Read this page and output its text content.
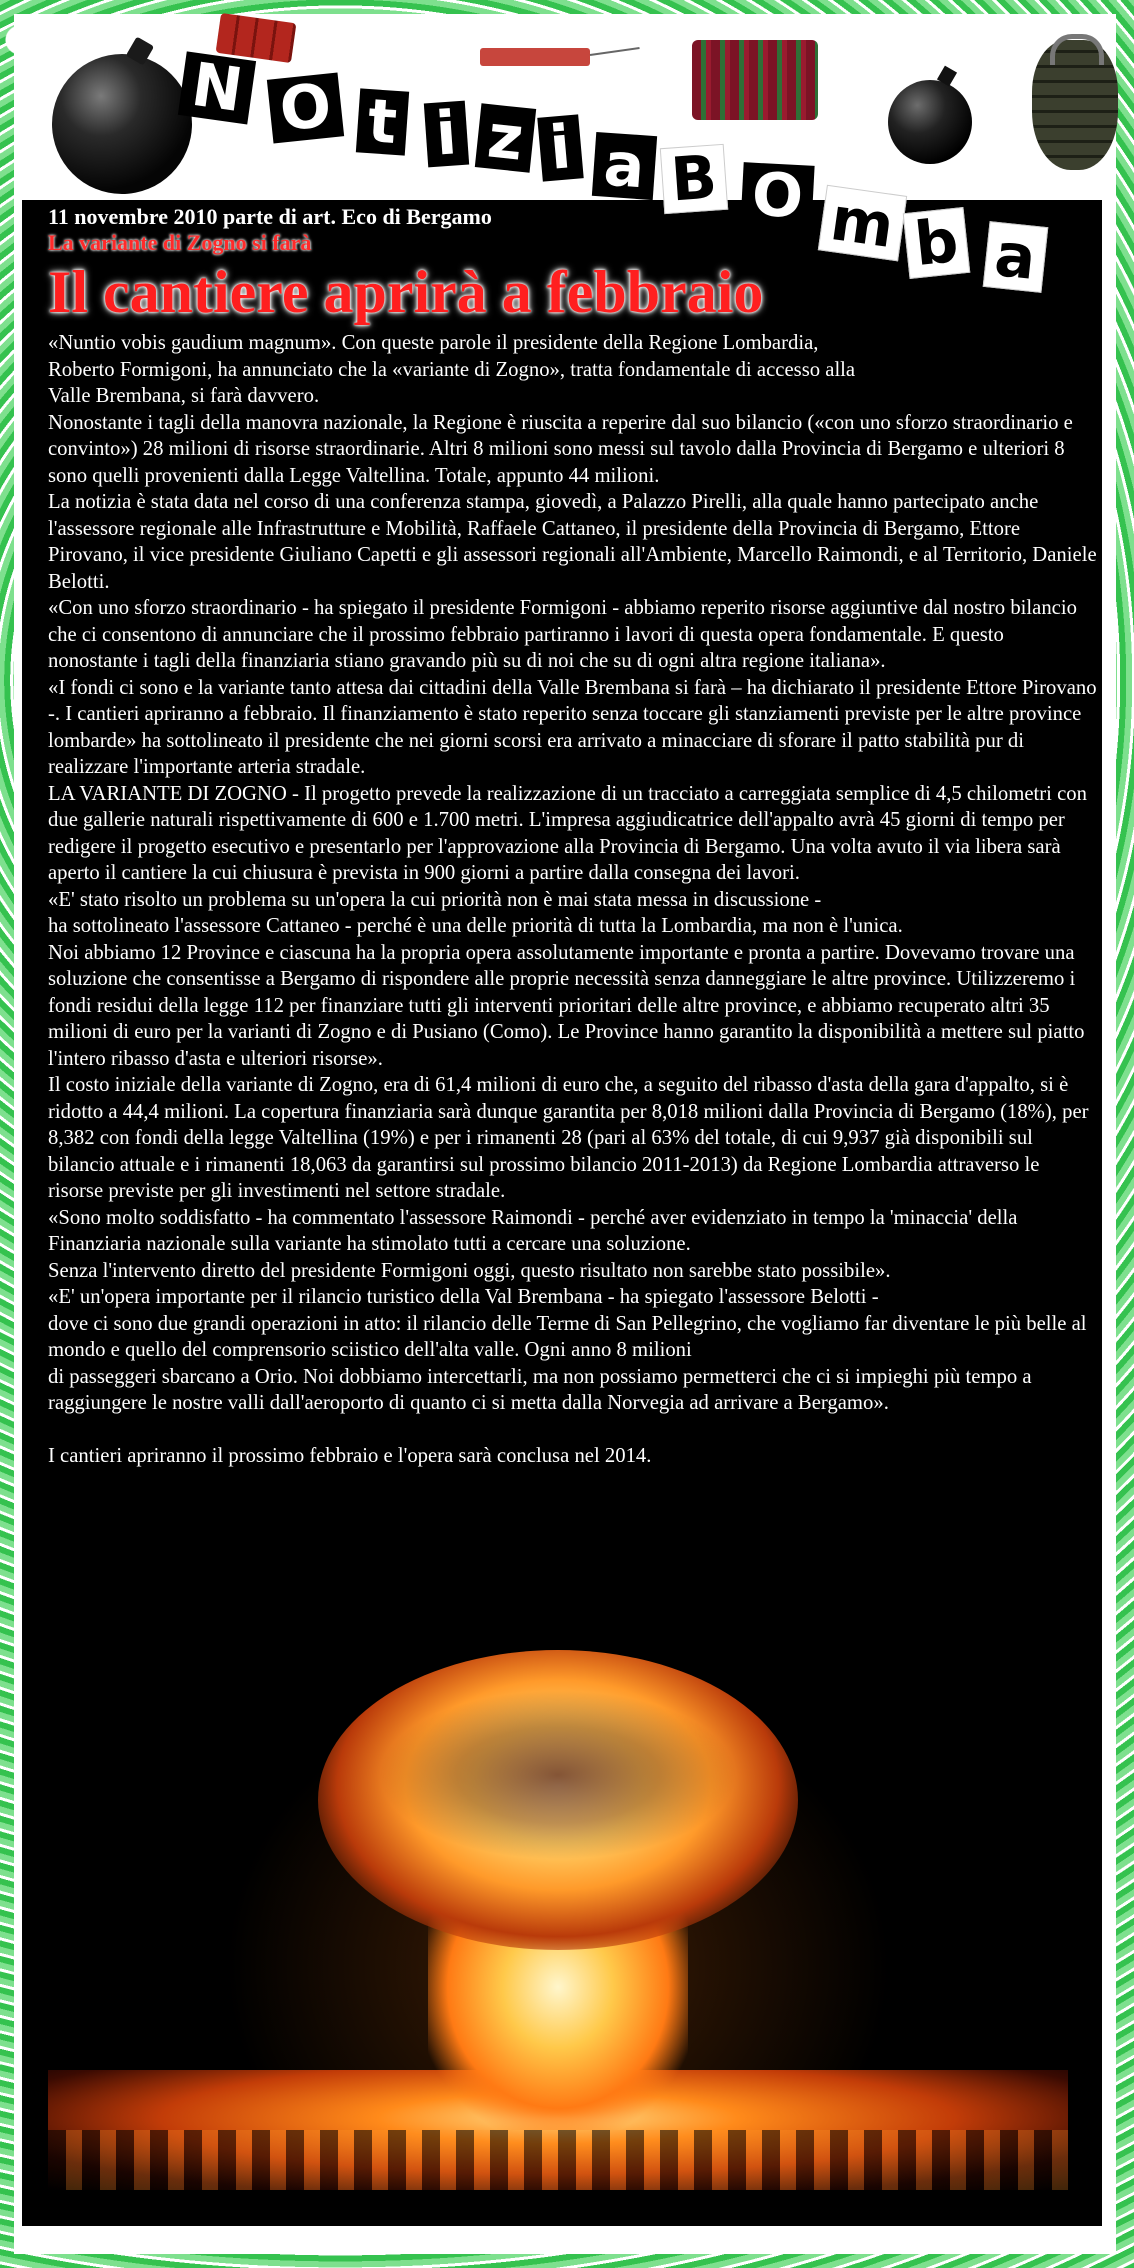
N O t i z i a B O m b a

11 novembre 2010 parte di art. Eco di Bergamo

La variante di Zogno si farà

Il cantiere aprirà a febbraio

«Nuntio vobis gaudium magnum». Con queste parole il presidente della Regione Lombardia,

Roberto Formigoni, ha annunciato che la «variante di Zogno», tratta fondamentale di accesso alla

Valle Brembana, si farà davvero.

Nonostante i tagli della manovra nazionale, la Regione è riuscita a reperire dal suo bilancio («con uno sforzo straordinario e convinto») 28 milioni di risorse straordinarie. Altri 8 milioni sono messi sul tavolo dalla Provincia di Bergamo e ulteriori 8 sono quelli provenienti dalla Legge Valtellina. Totale, appunto 44 milioni.

La notizia è stata data nel corso di una conferenza stampa, giovedì, a Palazzo Pirelli, alla quale hanno partecipato anche l'assessore regionale alle Infrastrutture e Mobilità, Raffaele Cattaneo, il presidente della Provincia di Bergamo, Ettore Pirovano, il vice presidente Giuliano Capetti e gli assessori regionali all'Ambiente, Marcello Raimondi, e al Territorio, Daniele Belotti.

«Con uno sforzo straordinario - ha spiegato il presidente Formigoni - abbiamo reperito risorse aggiuntive dal nostro bilancio che ci consentono di annunciare che il prossimo febbraio partiranno i lavori di questa opera fondamentale. E questo nonostante i tagli della finanziaria stiano gravando più su di noi che su di ogni altra regione italiana».

«I fondi ci sono e la variante tanto attesa dai cittadini della Valle Brembana si farà – ha dichiarato il presidente Ettore Pirovano -. I cantieri apriranno a febbraio. Il finanziamento è stato reperito senza toccare gli stanziamenti previste per le altre province lombarde» ha sottolineato il presidente che nei giorni scorsi era arrivato a minacciare di sforare il patto stabilità pur di realizzare l'importante arteria stradale.

LA VARIANTE DI ZOGNO - Il progetto prevede la realizzazione di un tracciato a carreggiata semplice di 4,5 chilometri con due gallerie naturali rispettivamente di 600 e 1.700 metri. L'impresa aggiudicatrice dell'appalto avrà 45 giorni di tempo per redigere il progetto esecutivo e presentarlo per l'approvazione alla Provincia di Bergamo. Una volta avuto il via libera sarà aperto il cantiere la cui chiusura è prevista in 900 giorni a partire dalla consegna dei lavori.

«E' stato risolto un problema su un'opera la cui priorità non è mai stata messa in discussione -

ha sottolineato l'assessore Cattaneo - perché è una delle priorità di tutta la Lombardia, ma non è l'unica.

Noi abbiamo 12 Province e ciascuna ha la propria opera assolutamente importante e pronta a partire. Dovevamo trovare una soluzione che consentisse a Bergamo di rispondere alle proprie necessità senza danneggiare le altre province. Utilizzeremo i fondi residui della legge 112 per finanziare tutti gli interventi prioritari delle altre province, e abbiamo recuperato altri 35 milioni di euro per la varianti di Zogno e di Pusiano (Como). Le Province hanno garantito la disponibilità a mettere sul piatto l'intero ribasso d'asta e ulteriori risorse».

Il costo iniziale della variante di Zogno, era di 61,4 milioni di euro che, a seguito del ribasso d'asta della gara d'appalto, si è ridotto a 44,4 milioni. La copertura finanziaria sarà dunque garantita per 8,018 milioni dalla Provincia di Bergamo (18%), per 8,382 con fondi della legge Valtellina (19%) e per i rimanenti 28 (pari al 63% del totale, di cui 9,937 già disponibili sul bilancio attuale e i rimanenti 18,063 da garantirsi sul prossimo bilancio 2011-2013) da Regione Lombardia attraverso le risorse previste per gli investimenti nel settore stradale.

«Sono molto soddisfatto - ha commentato l'assessore Raimondi - perché aver evidenziato in tempo la 'minaccia' della Finanziaria nazionale sulla variante ha stimolato tutti a cercare una soluzione.

Senza l'intervento diretto del presidente Formigoni oggi, questo risultato non sarebbe stato possibile».

«E' un'opera importante per il rilancio turistico della Val Brembana - ha spiegato l'assessore Belotti -

dove ci sono due grandi operazioni in atto: il rilancio delle Terme di San Pellegrino, che vogliamo far diventare le più belle al mondo e quello del comprensorio sciistico dell'alta valle. Ogni anno 8 milioni

di passeggeri sbarcano a Orio. Noi dobbiamo intercettarli, ma non possiamo permetterci che ci si impieghi più tempo a raggiungere le nostre valli dall'aeroporto di quanto ci si metta dalla Norvegia ad arrivare a Bergamo».

I cantieri apriranno il prossimo febbraio e l'opera sarà conclusa nel 2014.
